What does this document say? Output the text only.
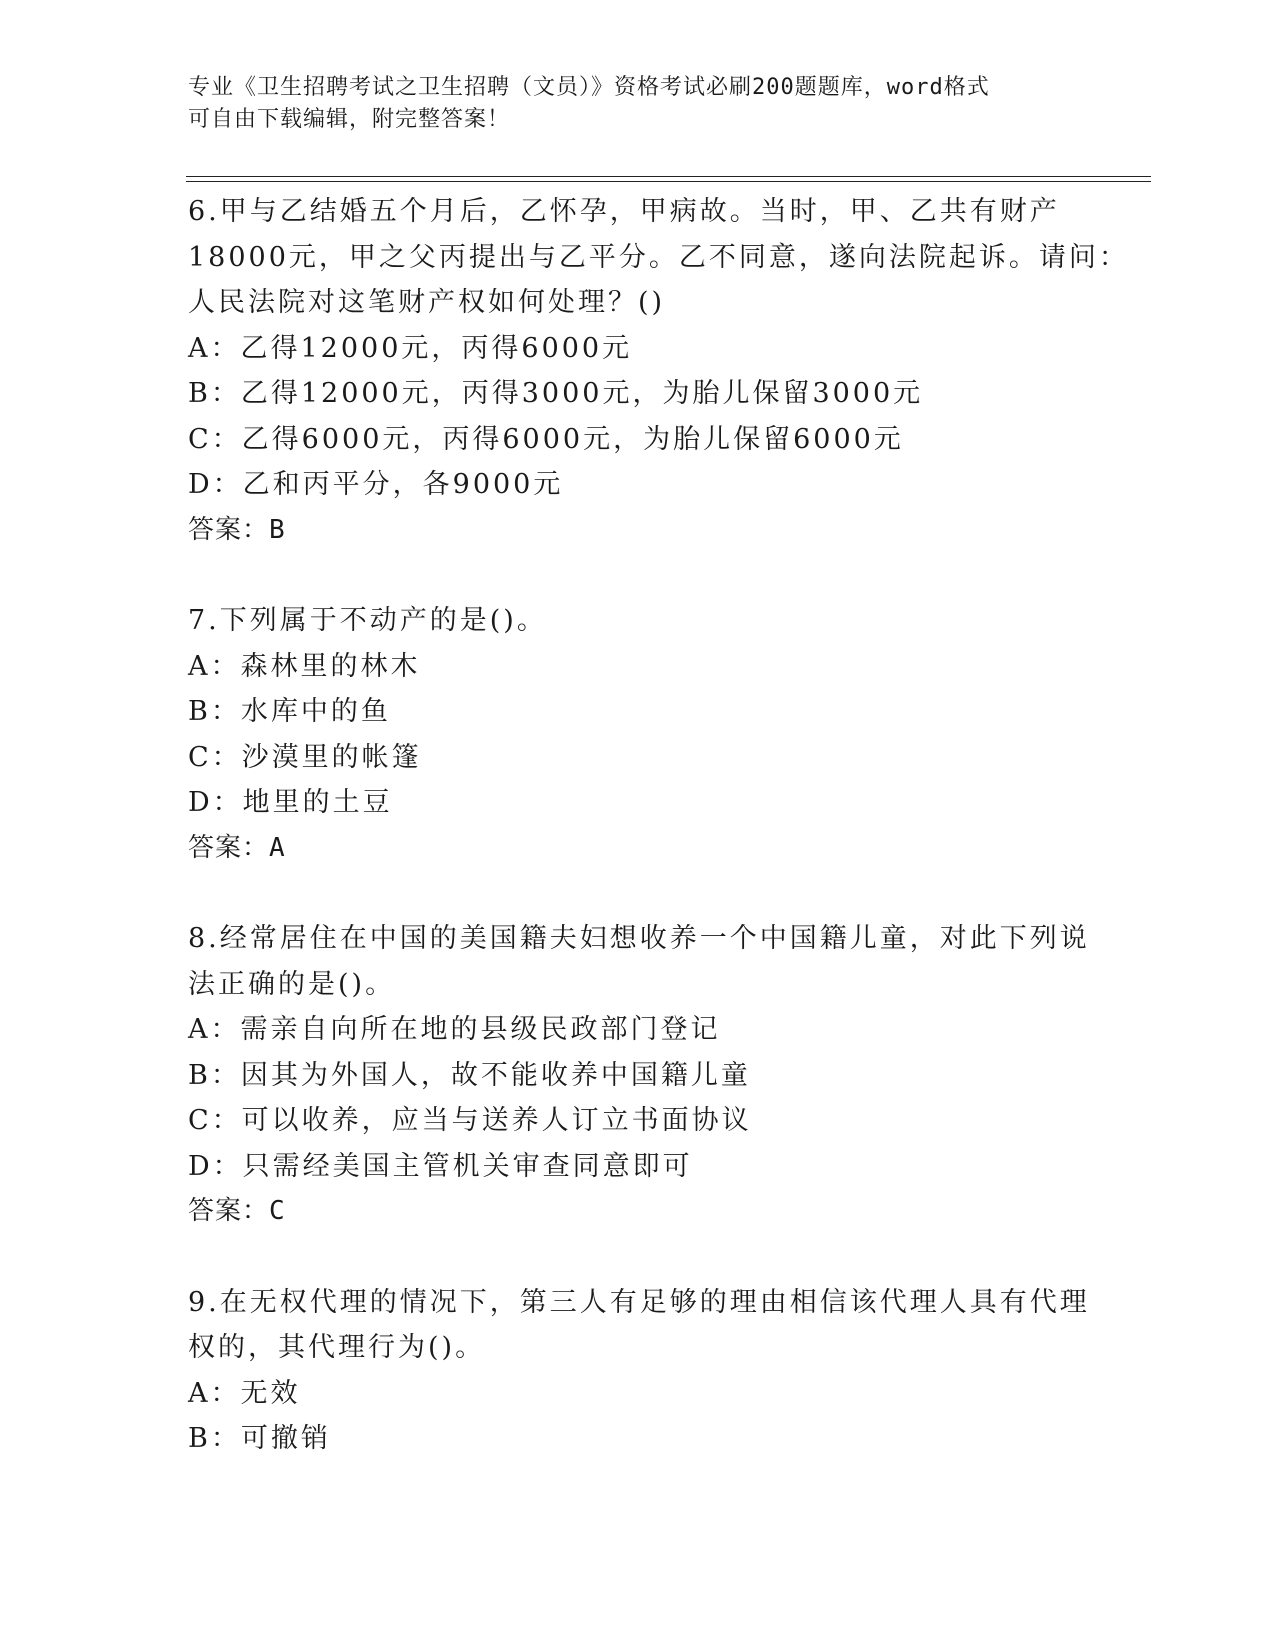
专业《卫生招聘考试之卫生招聘（文员）》资格考试必刷200题题库，word格式
可自由下载编辑，附完整答案！
6.甲与乙结婚五个月后，乙怀孕，甲病故。当时，甲、乙共有财产
18000元，甲之父丙提出与乙平分。乙不同意，遂向法院起诉。请问：
人民法院对这笔财产权如何处理？()
A：乙得12000元，丙得6000元
B：乙得12000元，丙得3000元，为胎儿保留3000元
C：乙得6000元，丙得6000元，为胎儿保留6000元
D：乙和丙平分，各9000元
答案：B
7.下列属于不动产的是()。
A：森林里的林木
B：水库中的鱼
C：沙漠里的帐篷
D：地里的土豆
答案：A
8.经常居住在中国的美国籍夫妇想收养一个中国籍儿童，对此下列说
法正确的是()。
A：需亲自向所在地的县级民政部门登记
B：因其为外国人，故不能收养中国籍儿童
C：可以收养，应当与送养人订立书面协议
D：只需经美国主管机关审查同意即可
答案：C
9.在无权代理的情况下，第三人有足够的理由相信该代理人具有代理
权的，其代理行为()。
A：无效
B：可撤销
